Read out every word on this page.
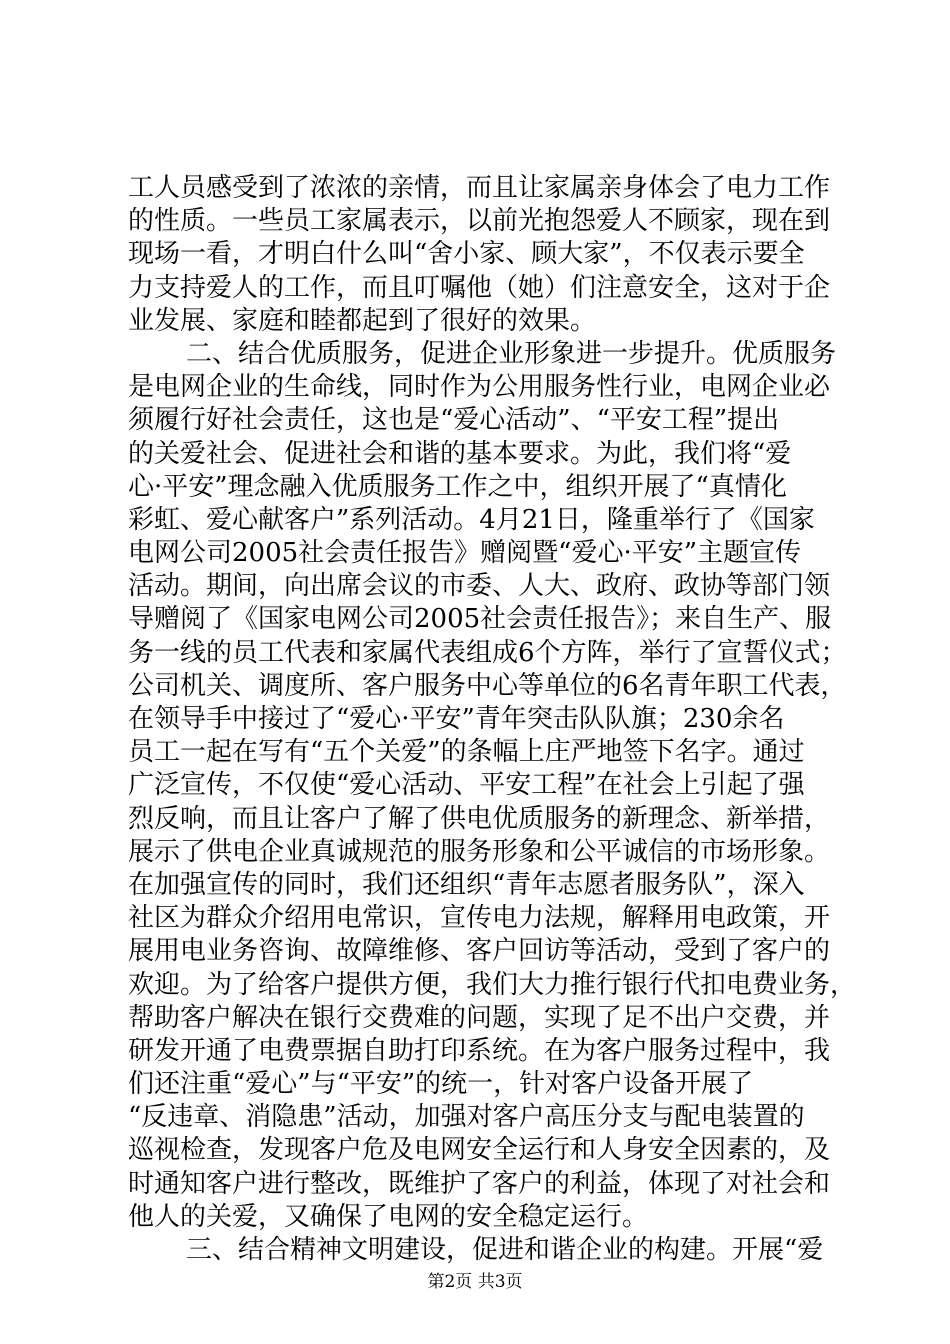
工人员感受到了浓浓的亲情，而且让家属亲身体会了电力工作
的性质。一些员工家属表示，以前光抱怨爱人不顾家，现在到
现场一看，才明白什么叫“舍小家、顾大家”，不仅表示要全
力支持爱人的工作，而且叮嘱他（她）们注意安全，这对于企
业发展、家庭和睦都起到了很好的效果。
二、结合优质服务，促进企业形象进一步提升。优质服务
是电网企业的生命线，同时作为公用服务性行业，电网企业必
须履行好社会责任，这也是“爱心活动”、“平安工程”提出
的关爱社会、促进社会和谐的基本要求。为此，我们将“爱
心·平安”理念融入优质服务工作之中，组织开展了“真情化
彩虹、爱心献客户”系列活动。4月21日，隆重举行了《国家
电网公司2005社会责任报告》赠阅暨“爱心·平安”主题宣传
活动。期间，向出席会议的市委、人大、政府、政协等部门领
导赠阅了《国家电网公司2005社会责任报告》；来自生产、服
务一线的员工代表和家属代表组成6个方阵，举行了宣誓仪式；
公司机关、调度所、客户服务中心等单位的6名青年职工代表，
在领导手中接过了“爱心·平安”青年突击队队旗；230余名
员工一起在写有“五个关爱”的条幅上庄严地签下名字。通过
广泛宣传，不仅使“爱心活动、平安工程”在社会上引起了强
烈反响，而且让客户了解了供电优质服务的新理念、新举措，
展示了供电企业真诚规范的服务形象和公平诚信的市场形象。
在加强宣传的同时，我们还组织“青年志愿者服务队”，深入
社区为群众介绍用电常识，宣传电力法规，解释用电政策，开
展用电业务咨询、故障维修、客户回访等活动，受到了客户的
欢迎。为了给客户提供方便，我们大力推行银行代扣电费业务，
帮助客户解决在银行交费难的问题，实现了足不出户交费，并
研发开通了电费票据自助打印系统。在为客户服务过程中，我
们还注重“爱心”与“平安”的统一，针对客户设备开展了
“反违章、消隐患”活动，加强对客户高压分支与配电装置的
巡视检查，发现客户危及电网安全运行和人身安全因素的，及
时通知客户进行整改，既维护了客户的利益，体现了对社会和
他人的关爱，又确保了电网的安全稳定运行。
三、结合精神文明建设，促进和谐企业的构建。开展“爱
第2页 共3页
